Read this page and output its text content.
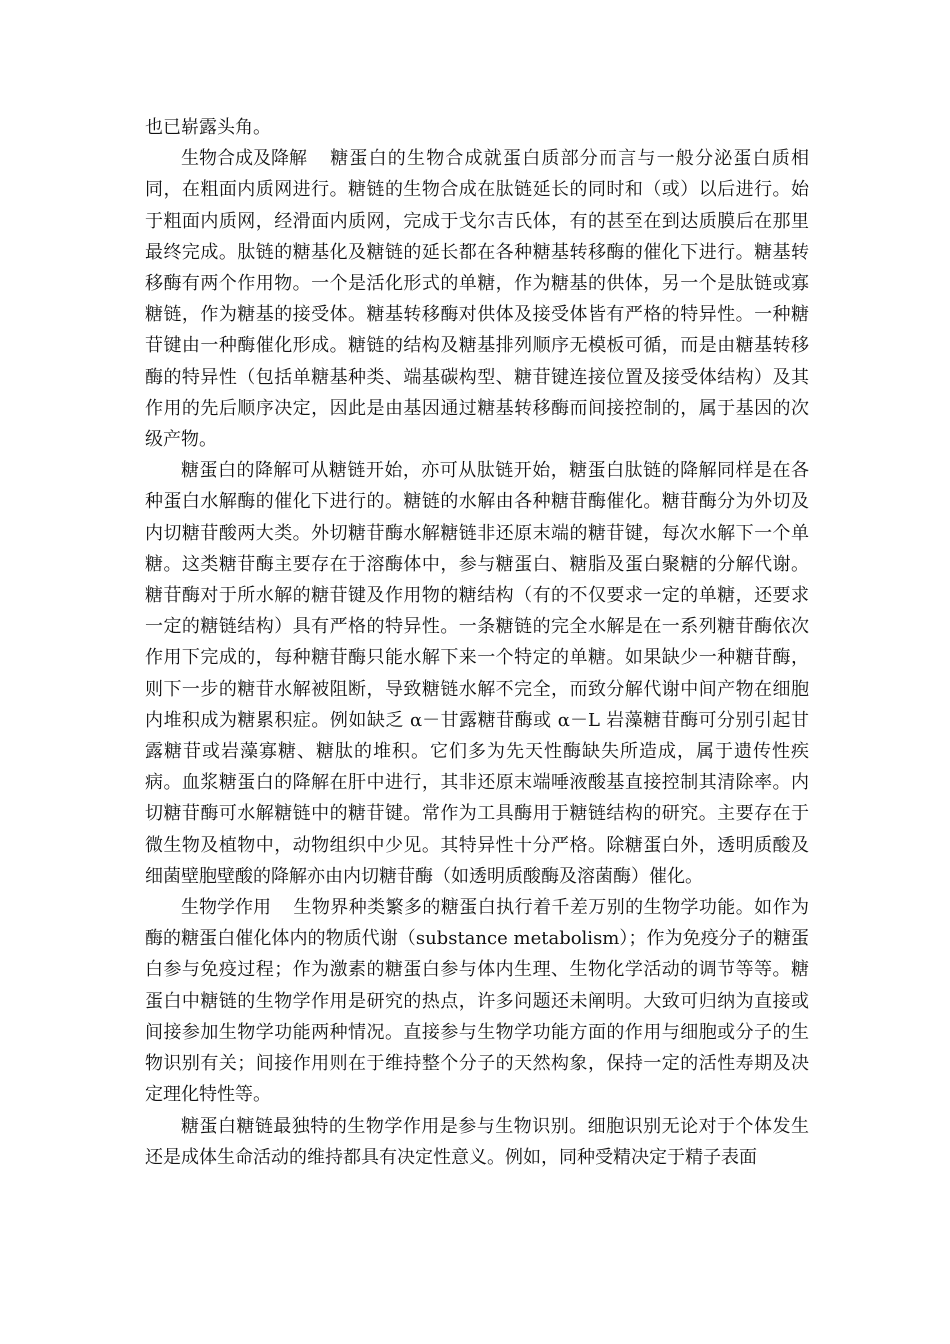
也已崭露头角。

生物合成及降解 糖蛋白的生物合成就蛋白质部分而言与一般分泌蛋白质相同，在粗面内质网进行。糖链的生物合成在肽链延长的同时和（或）以后进行。始于粗面内质网，经滑面内质网，完成于戈尔吉氏体，有的甚至在到达质膜后在那里最终完成。肽链的糖基化及糖链的延长都在各种糖基转移酶的催化下进行。糖基转移酶有两个作用物。一个是活化形式的单糖，作为糖基的供体，另一个是肽链或寡糖链，作为糖基的接受体。糖基转移酶对供体及接受体皆有严格的特异性。一种糖苷键由一种酶催化形成。糖链的结构及糖基排列顺序无模板可循，而是由糖基转移酶的特异性（包括单糖基种类、端基碳构型、糖苷键连接位置及接受体结构）及其作用的先后顺序决定，因此是由基因通过糖基转移酶而间接控制的，属于基因的次级产物。

糖蛋白的降解可从糖链开始，亦可从肽链开始，糖蛋白肽链的降解同样是在各种蛋白水解酶的催化下进行的。糖链的水解由各种糖苷酶催化。糖苷酶分为外切及内切糖苷酸两大类。外切糖苷酶水解糖链非还原末端的糖苷键，每次水解下一个单糖。这类糖苷酶主要存在于溶酶体中，参与糖蛋白、糖脂及蛋白聚糖的分解代谢。糖苷酶对于所水解的糖苷键及作用物的糖结构（有的不仅要求一定的单糖，还要求一定的糖链结构）具有严格的特异性。一条糖链的完全水解是在一系列糖苷酶依次作用下完成的，每种糖苷酶只能水解下来一个特定的单糖。如果缺少一种糖苷酶，则下一步的糖苷水解被阻断，导致糖链水解不完全，而致分解代谢中间产物在细胞内堆积成为糖累积症。例如缺乏 α－甘露糖苷酶或 α－L 岩藻糖苷酶可分别引起甘露糖苷或岩藻寡糖、糖肽的堆积。它们多为先天性酶缺失所造成，属于遗传性疾病。血浆糖蛋白的降解在肝中进行，其非还原末端唾液酸基直接控制其清除率。内切糖苷酶可水解糖链中的糖苷键。常作为工具酶用于糖链结构的研究。主要存在于微生物及植物中，动物组织中少见。其特异性十分严格。除糖蛋白外，透明质酸及细菌壁胞壁酸的降解亦由内切糖苷酶（如透明质酸酶及溶菌酶）催化。

生物学作用 生物界种类繁多的糖蛋白执行着千差万别的生物学功能。如作为酶的糖蛋白催化体内的物质代谢（substance metabolism）；作为免疫分子的糖蛋白参与免疫过程；作为激素的糖蛋白参与体内生理、生物化学活动的调节等等。糖蛋白中糖链的生物学作用是研究的热点，许多问题还未阐明。大致可归纳为直接或间接参加生物学功能两种情况。直接参与生物学功能方面的作用与细胞或分子的生物识别有关；间接作用则在于维持整个分子的天然构象，保持一定的活性寿期及决定理化特性等。

糖蛋白糖链最独特的生物学作用是参与生物识别。细胞识别无论对于个体发生还是成体生命活动的维持都具有决定性意义。例如，同种受精决定于精子表面
